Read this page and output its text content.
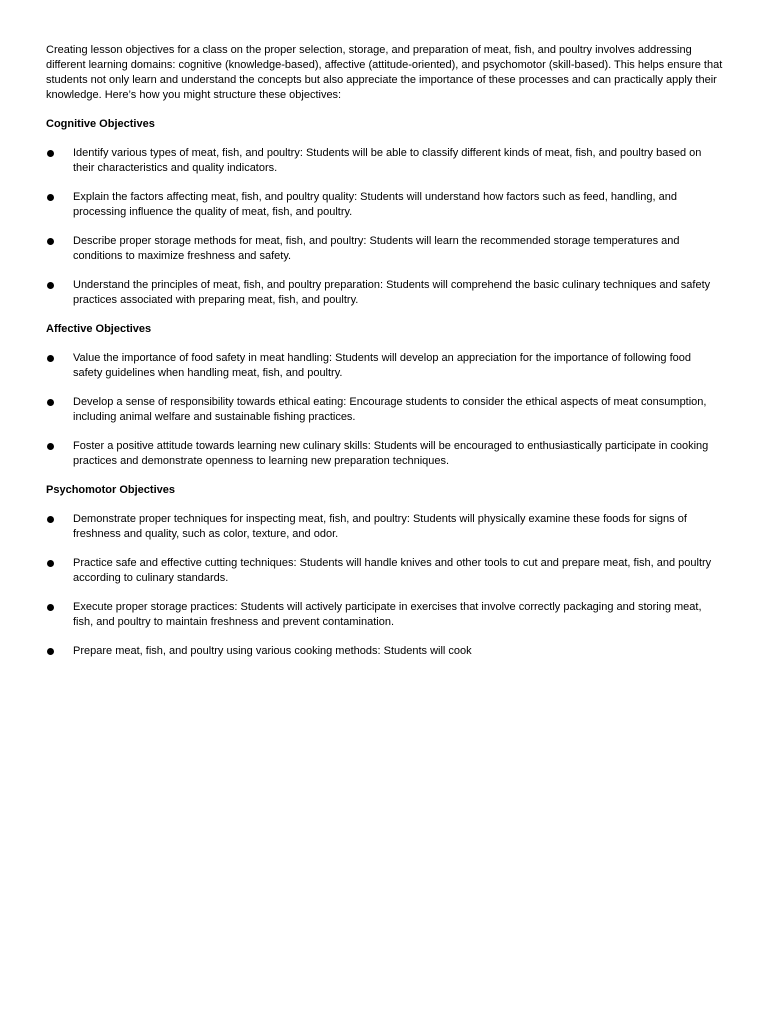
Creating lesson objectives for a class on the proper selection, storage, and preparation of meat, fish, and poultry involves addressing different learning domains: cognitive (knowledge-based), affective (attitude-oriented), and psychomotor (skill-based). This helps ensure that students not only learn and understand the concepts but also appreciate the importance of these processes and can practically apply their knowledge. Here’s how you might structure these objectives:

Cognitive Objectives
Identify various types of meat, fish, and poultry: Students will be able to classify different kinds of meat, fish, and poultry based on their characteristics and quality indicators.
Explain the factors affecting meat, fish, and poultry quality: Students will understand how factors such as feed, handling, and processing influence the quality of meat, fish, and poultry.
Describe proper storage methods for meat, fish, and poultry: Students will learn the recommended storage temperatures and conditions to maximize freshness and safety.
Understand the principles of meat, fish, and poultry preparation: Students will comprehend the basic culinary techniques and safety practices associated with preparing meat, fish, and poultry.
Affective Objectives
Value the importance of food safety in meat handling: Students will develop an appreciation for the importance of following food safety guidelines when handling meat, fish, and poultry.
Develop a sense of responsibility towards ethical eating: Encourage students to consider the ethical aspects of meat consumption, including animal welfare and sustainable fishing practices.
Foster a positive attitude towards learning new culinary skills: Students will be encouraged to enthusiastically participate in cooking practices and demonstrate openness to learning new preparation techniques.
Psychomotor Objectives
Demonstrate proper techniques for inspecting meat, fish, and poultry: Students will physically examine these foods for signs of freshness and quality, such as color, texture, and odor.
Practice safe and effective cutting techniques: Students will handle knives and other tools to cut and prepare meat, fish, and poultry according to culinary standards.
Execute proper storage practices: Students will actively participate in exercises that involve correctly packaging and storing meat, fish, and poultry to maintain freshness and prevent contamination.
Prepare meat, fish, and poultry using various cooking methods: Students will cook
